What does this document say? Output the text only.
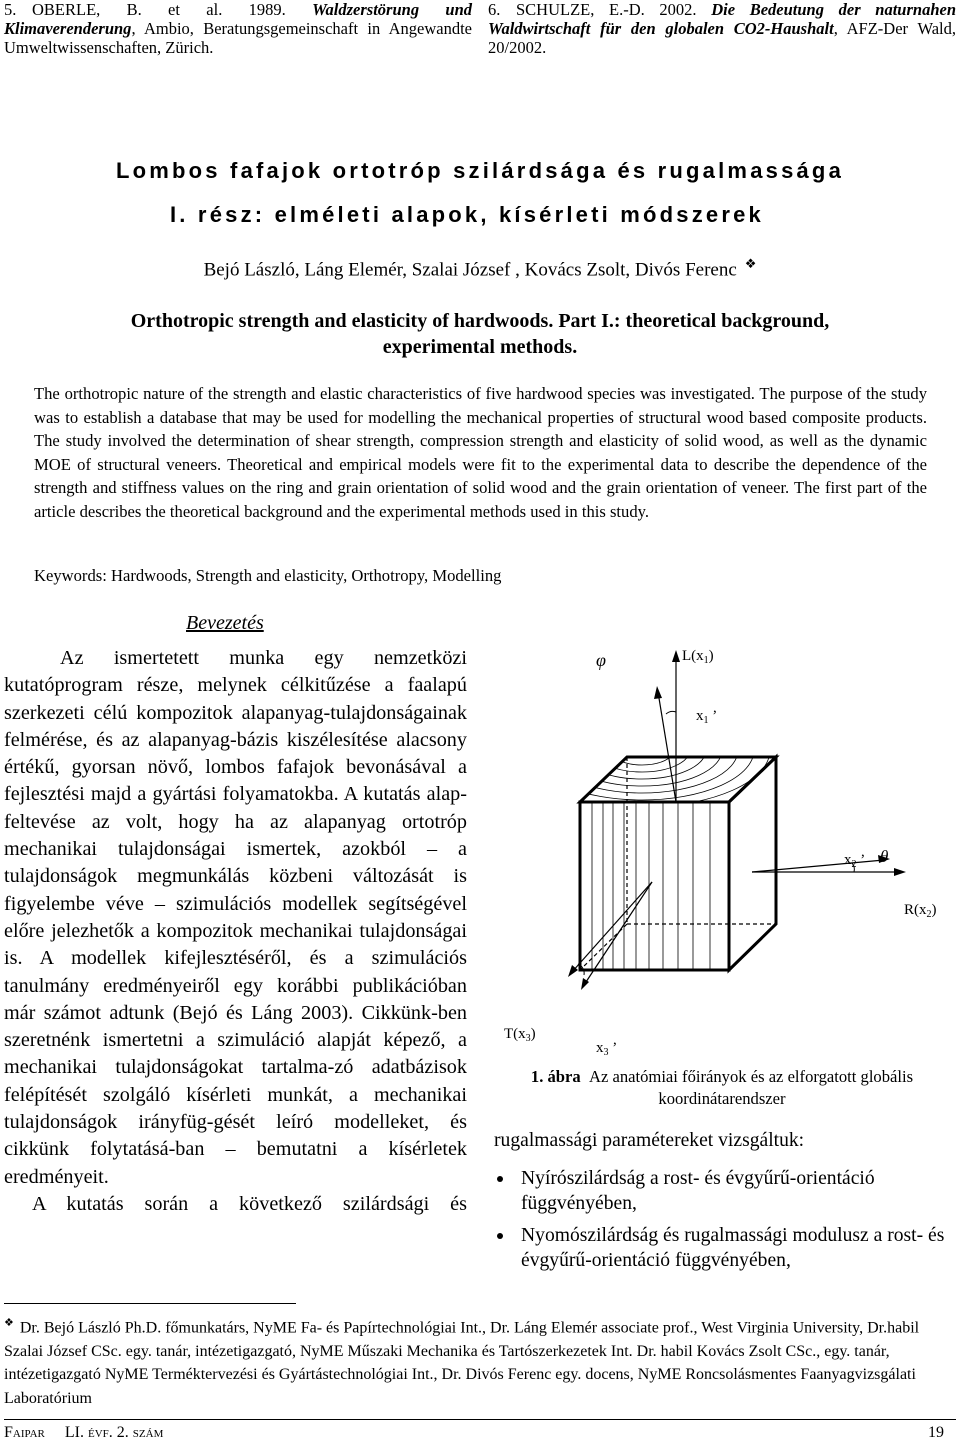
5. OBERLE, B. et al. 1989. Waldzerstörung und Klimaverenderung, Ambio, Beratungsgemeinschaft in Angewandte Umweltwissenschaften, Zürich.
6. SCHULZE, E.-D. 2002. Die Bedeutung der naturnahen Waldwirtschaft für den globalen CO2-Haushalt, AFZ-Der Wald, 20/2002.
Lombos fafajok ortotróp szilárdsága és rugalmassága
I. rész: elméleti alapok, kísérleti módszerek
Bejó László, Láng Elemér, Szalai József , Kovács Zsolt, Divós Ferenc ❖
Orthotropic strength and elasticity of hardwoods. Part I.: theoretical background,
experimental methods.
The orthotropic nature of the strength and elastic characteristics of five hardwood species was investigated. The purpose of the study was to establish a database that may be used for modelling the mechanical properties of structural wood based composite products. The study involved the determination of shear strength, compression strength and elasticity of solid wood, as well as the dynamic MOE of structural veneers. Theoretical and empirical models were fit to the experimental data to describe the dependence of the strength and stiffness values on the ring and grain orientation of solid wood and the grain orientation of veneer. The first part of the article describes the theoretical background and the experimental methods used in this study.
Keywords: Hardwoods, Strength and elasticity, Orthotropy, Modelling
Bevezetés

Az ismertetett munka egy nemzetközi kutatóprogram része, melynek célkitűzése a faalapú szerkezeti célú kompozitok alapanyag-tulajdonságainak felmérése, és az alapanyag-bázis kiszélesítése alacsony értékű, gyorsan növő, lombos fafajok bevonásával a fejlesztési majd a gyártási folyamatokba. A kutatás alap-feltevése az volt, hogy ha az alapanyag ortotróp mechanikai tulajdonságai ismertek, azokból – a tulajdonságok megmunkálás közbeni változását is figyelembe véve – szimulációs modellek segítségével előre jelezhetők a kompozitok mechanikai tulajdonságai is. A modellek kifejlesztéséről, és a szimulációs tanulmány eredményeiről egy korábbi publikációban már számot adtunk (Bejó és Láng 2003). Cikkünk-ben szeretnénk ismertetni a szimuláció alapját képező, a mechanikai tulajdonságokat tartalma-zó adatbázisok felépítését szolgáló kísérleti munkát, a mechanikai tulajdonságok irányfüg-gését leíró modelleket, és cikkünk folytatásá-ban – bemutatni a kísérletek eredményeit.

A kutatás során a következő szilárdsági és

φ	$L(x_1)$
$x_1$ ’
$x_2$ ’ θ
$R(x_2)$
$T(x_3)$
$x_3$ ’
1. ábra Az anatómiai főirányok és az elforgatott globális koordinátarendszer
rugalmassági paramétereket vizsgáltuk:
Nyírószilárdság a rost- és évgyűrű-orientáció függvényében,
Nyomószilárdság és rugalmassági modulusz a rost- és évgyűrű-orientáció függvényében,
❖ Dr. Bejó László Ph.D. főmunkatárs, NyME Fa- és Papírtechnológiai Int., Dr. Láng Elemér associate prof., West Virginia University, Dr.habil Szalai József CSc. egy. tanár, intézetigazgató, NyME Műszaki Mechanika és Tartószerkezetek Int. Dr. habil Kovács Zsolt CSc., egy. tanár, intézetigazgató NyME Terméktervezési és Gyártástechnológiai Int., Dr. Divós Ferenc egy. docens, NyME Roncsolásmentes Faanyagvizsgálati Laboratórium
Faipar LI. évf. 2. szám	19
